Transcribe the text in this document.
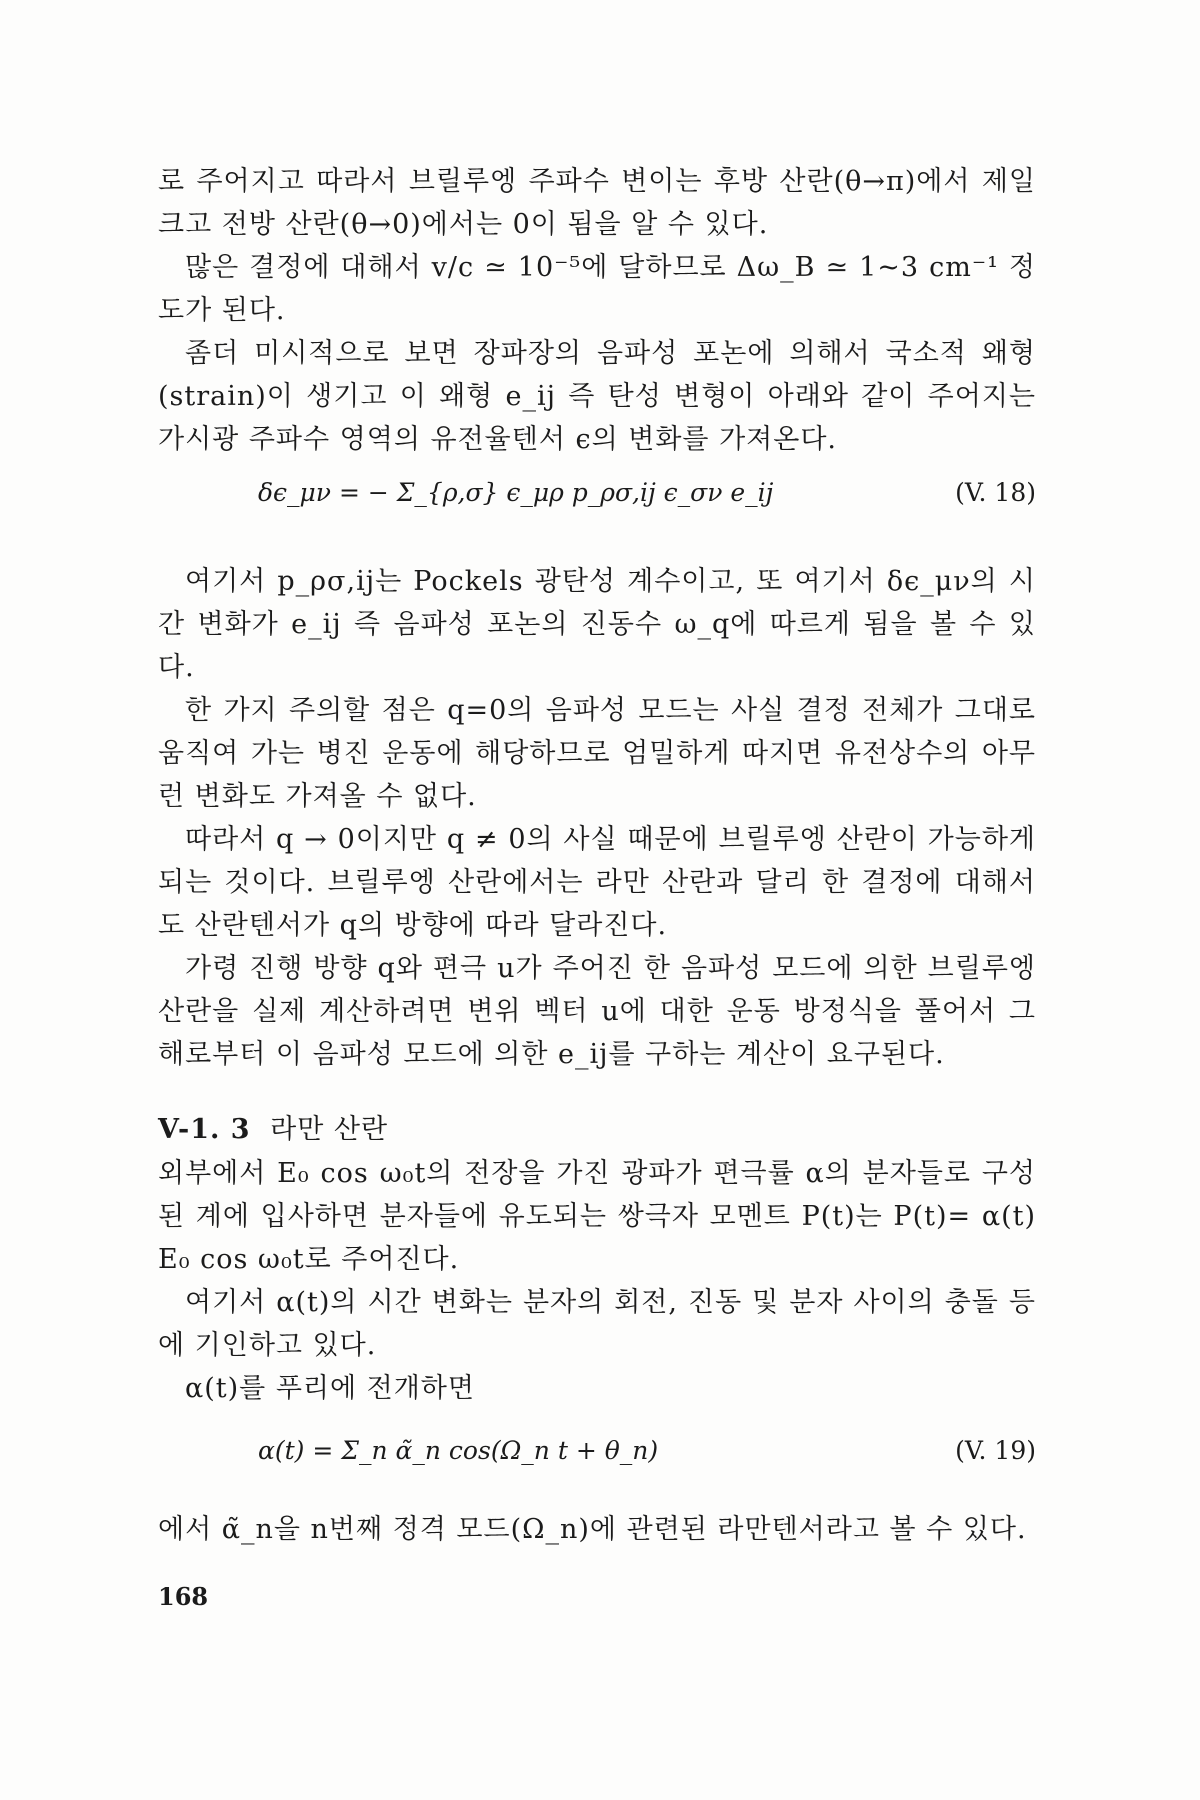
로 주어지고 따라서 브릴루엥 주파수 변이는 후방 산란(θ→π)에서 제일 크고 전방 산란(θ→0)에서는 0이 됨을 알 수 있다.

많은 결정에 대해서 v/c ≃ 10⁻⁵에 달하므로 Δω_B ≃ 1~3 cm⁻¹ 정도가 된다.

좀더 미시적으로 보면 장파장의 음파성 포논에 의해서 국소적 왜형(strain)이 생기고 이 왜형 e_ij 즉 탄성 변형이 아래와 같이 주어지는 가시광 주파수 영역의 유전율텐서 ϵ의 변화를 가져온다.

δϵ_μν = − Σ_{ρ,σ} ϵ_μρ p_ρσ,ij ϵ_σν e_ij	(V. 18)

여기서 p_ρσ,ij는 Pockels 광탄성 계수이고, 또 여기서 δϵ_μν의 시간 변화가 e_ij 즉 음파성 포논의 진동수 ω_q에 따르게 됨을 볼 수 있다.

한 가지 주의할 점은 q=0의 음파성 모드는 사실 결정 전체가 그대로 움직여 가는 병진 운동에 해당하므로 엄밀하게 따지면 유전상수의 아무런 변화도 가져올 수 없다.

따라서 q → 0이지만 q ≠ 0의 사실 때문에 브릴루엥 산란이 가능하게 되는 것이다. 브릴루엥 산란에서는 라만 산란과 달리 한 결정에 대해서도 산란텐서가 q의 방향에 따라 달라진다.

가령 진행 방향 q와 편극 u가 주어진 한 음파성 모드에 의한 브릴루엥 산란을 실제 계산하려면 변위 벡터 u에 대한 운동 방정식을 풀어서 그 해로부터 이 음파성 모드에 의한 e_ij를 구하는 계산이 요구된다.

V-1. 3 라만 산란

외부에서 E₀ cos ω₀t의 전장을 가진 광파가 편극률 α의 분자들로 구성된 계에 입사하면 분자들에 유도되는 쌍극자 모멘트 P(t)는 P(t)= α(t) E₀ cos ω₀t로 주어진다.

여기서 α(t)의 시간 변화는 분자의 회전, 진동 및 분자 사이의 충돌 등에 기인하고 있다.

α(t)를 푸리에 전개하면

α(t) = Σ_n α̃_n cos(Ω_n t + θ_n)	(V. 19)

에서 α̃_n을 n번째 정격 모드(Ω_n)에 관련된 라만텐서라고 볼 수 있다.

168
